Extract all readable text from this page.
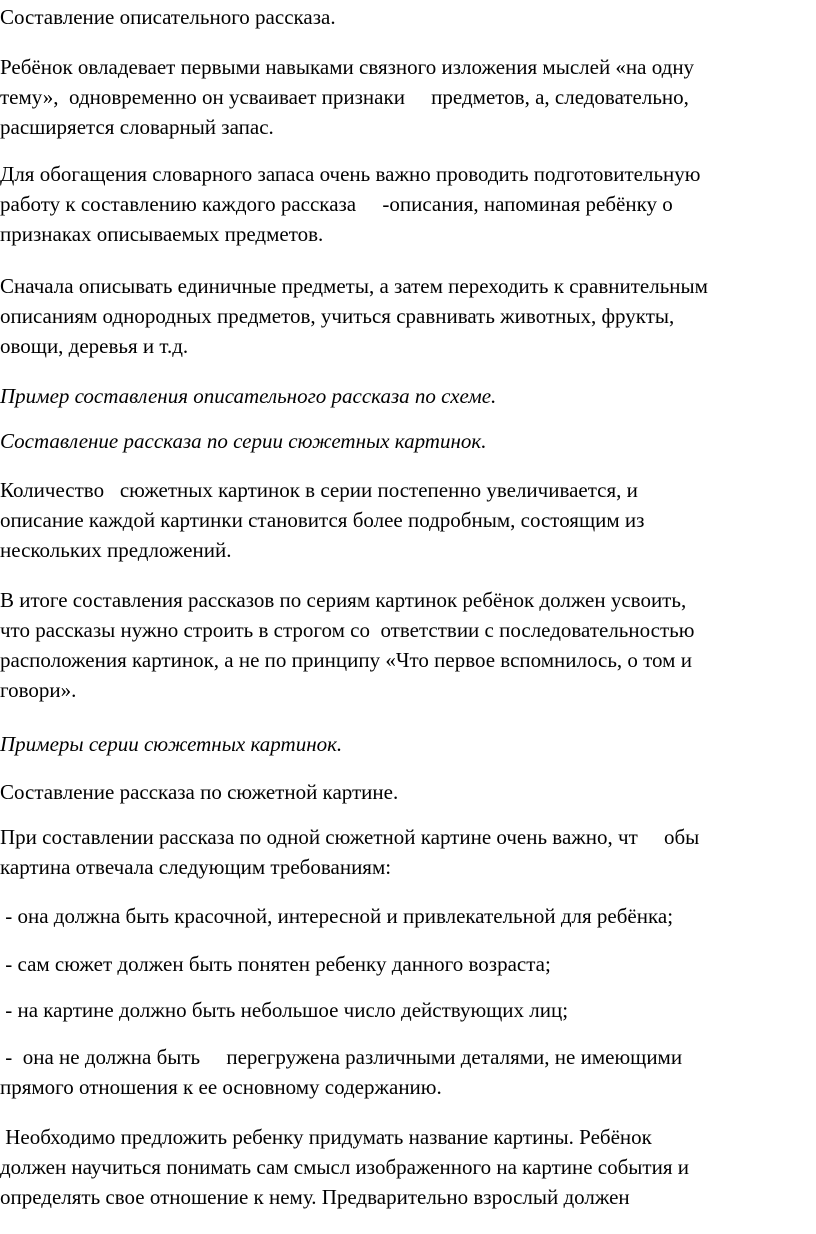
Составление описательного рассказа.

Ребёнок овладевает первыми навыками связного изложения мыслей «на одну
тему»,  одновременно он усваивает признаки     предметов, а, следовательно,
расширяется словарный запас.

Для обогащения словарного запаса очень важно проводить подготовительную
работу к составлению каждого рассказа     -описания, напоминая ребёнку о
признаках описываемых предметов.

Сначала описывать единичные предметы, а затем переходить к сравнительным
описаниям однородных предметов, учиться сравнивать животных, фрукты,
овощи, деревья и т.д.

Пример составления описательного рассказа по схеме.

Составление рассказа по серии сюжетных картинок.

Количество   сюжетных картинок в серии постепенно увеличивается, и
описание каждой картинки становится более подробным, состоящим из
нескольких предложений.

В итоге составления рассказов по сериям картинок ребёнок должен усвоить,
что рассказы нужно строить в строгом со  ответствии с последовательностью
расположения картинок, а не по принципу «Что первое вспомнилось, о том и
говори».

Примеры серии сюжетных картинок.

Составление рассказа по сюжетной картине.

При составлении рассказа по одной сюжетной картине очень важно, чт     обы
картина отвечала следующим требованиям:

- она должна быть красочной, интересной и привлекательной для ребёнка;

- сам сюжет должен быть понятен ребенку данного возраста;

- на картине должно быть небольшое число действующих лиц;

-  она не должна быть     перегружена различными деталями, не имеющими
прямого отношения к ее основному содержанию.

Необходимо предложить ребенку придумать название картины. Ребёнок
должен научиться понимать сам смысл изображенного на картине события и
определять свое отношение к нему. Предварительно взрослый должен
